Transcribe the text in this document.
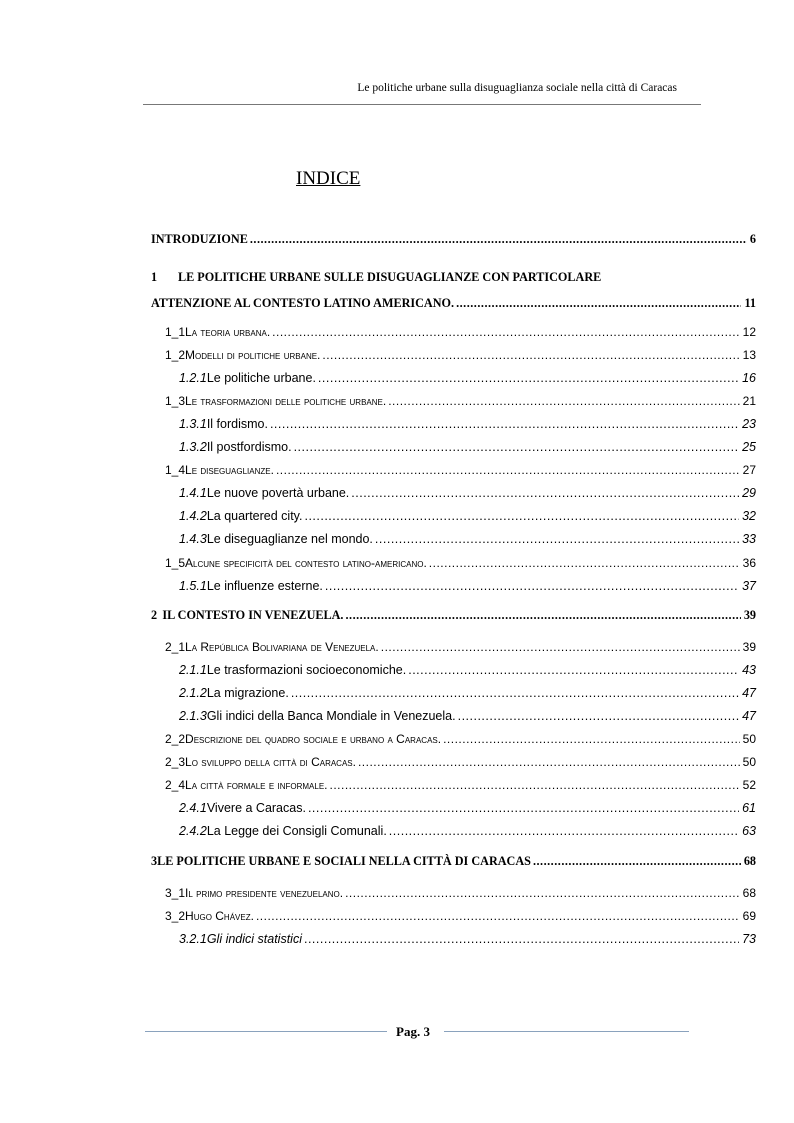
Le politiche urbane sulla disuguaglianza sociale nella città di Caracas
INDICE
INTRODUZIONE .....	6
1	LE POLITICHE URBANE SULLE DISUGUAGLIANZE CON PARTICOLARE
ATTENZIONE AL CONTESTO LATINO AMERICANO. .....	11
1_1 La teoria urbana. .....	12
1_2 Modelli di politiche urbane. .....	13
1.2.1 Le politiche urbane. .....	16
1_3 Le trasformazioni delle politiche urbane. .....	21
1.3.1 Il fordismo. .....	23
1.3.2 Il postfordismo. .....	25
1_4 Le diseguaglianze. .....	27
1.4.1 Le nuove povertà urbane. .....	29
1.4.2 La quartered city. .....	32
1.4.3 Le diseguaglianze nel mondo. .....	33
1_5 Alcune specificità del contesto latino-americano. .....	36
1.5.1 Le influenze esterne. .....	37
2 IL CONTESTO IN VENEZUELA. .....	39
2_1 La República Bolivariana de Venezuela. .....	39
2.1.1 Le trasformazioni socioeconomiche. .....	43
2.1.2 La migrazione. .....	47
2.1.3 Gli indici della Banca Mondiale in Venezuela. .....	47
2_2 Descrizione del quadro sociale e urbano a Caracas. .....	50
2_3 Lo sviluppo della città di Caracas. .....	50
2_4 La città formale e informale. .....	52
2.4.1 Vivere a Caracas. .....	61
2.4.2 La Legge dei Consigli Comunali. .....	63
3 LE POLITICHE URBANE E SOCIALI NELLA CITTÀ DI CARACAS .....	68
3_1 Il primo presidente venezuelano. .....	68
3_2 Hugo Chávez. .....	69
3.2.1 Gli indici statistici .....	73
Pag. 3
